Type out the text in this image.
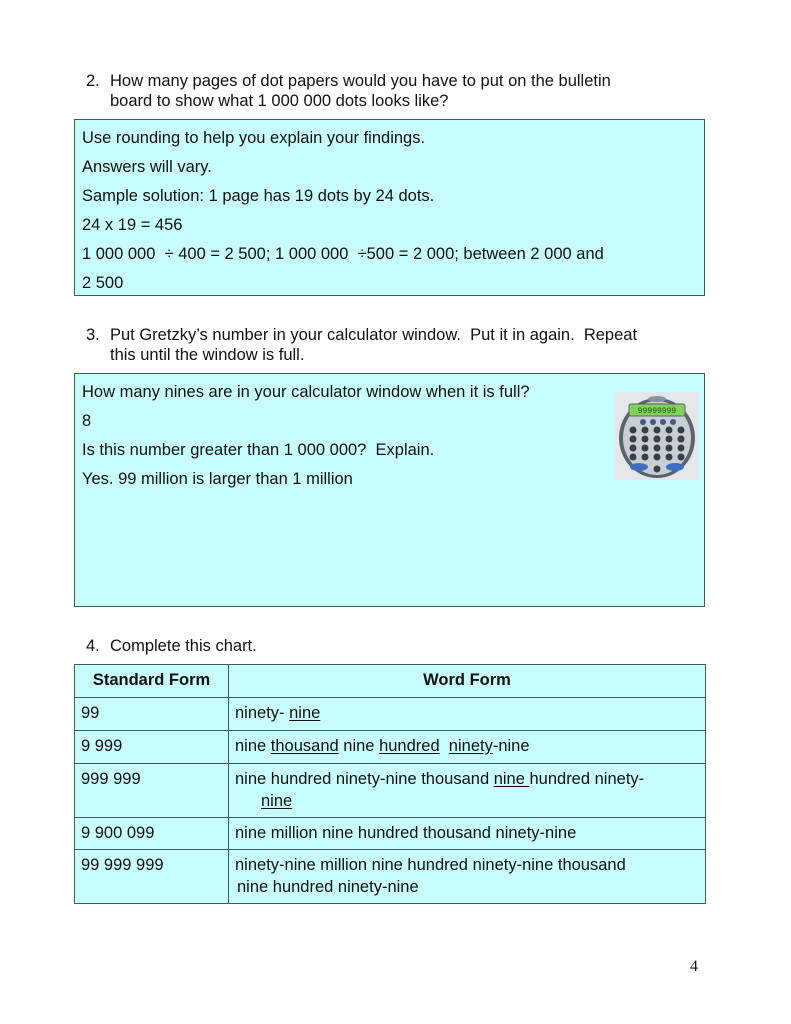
2. How many pages of dot papers would you have to put on the bulletin
board to show what 1 000 000 dots looks like?
Use rounding to help you explain your findings.
Answers will vary.
Sample solution: 1 page has 19 dots by 24 dots.
24 x 19 = 456
1 000 000  ÷ 400 = 2 500; 1 000 000  ÷500 = 2 000; between 2 000 and
2 500
3. Put Gretzky’s number in your calculator window.  Put it in again.  Repeat
this until the window is full.
How many nines are in your calculator window when it is full?
8
Is this number greater than 1 000 000?  Explain.
Yes. 99 million is larger than 1 million
99999999
4. Complete this chart.
Standard Form	Word Form
99	ninety- nine
9 999	nine thousand nine hundred ninety-nine
999 999	nine hundred ninety-nine thousand nine hundred ninety-
nine
9 900 099	nine million nine hundred thousand ninety-nine
99 999 999	ninety-nine million nine hundred ninety-nine thousand
nine hundred ninety-nine
4
